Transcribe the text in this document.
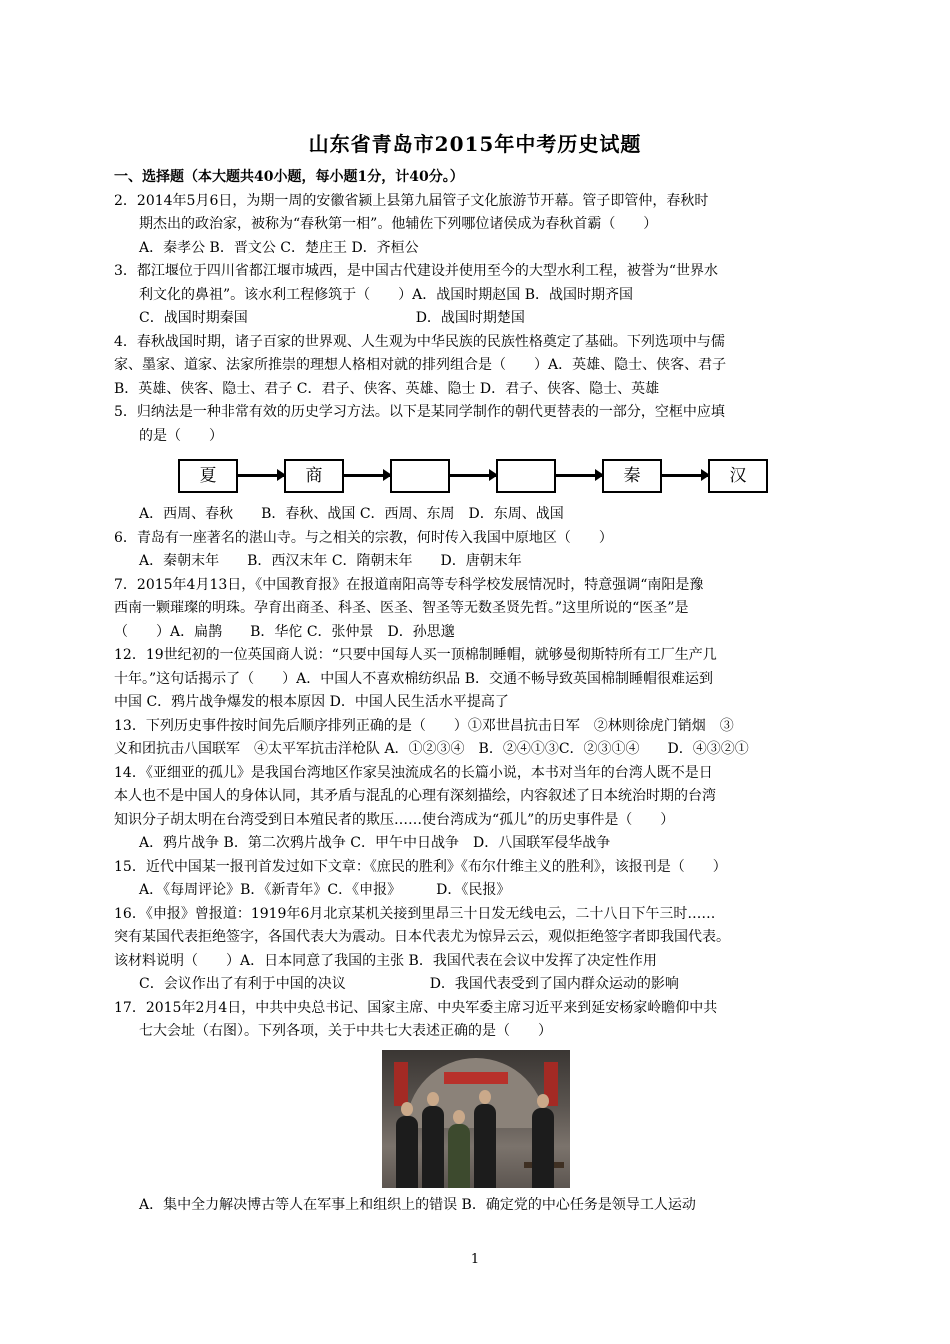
山东省青岛市2015年中考历史试题
一、选择题（本大题共40小题，每小题1分，计40分。）
2．2014年5月6日，为期一周的安徽省颍上县第九届管子文化旅游节开幕。管子即管仲，春秋时
期杰出的政治家，被称为“春秋第一相”。他辅佐下列哪位诸侯成为春秋首霸（　　）
A．秦孝公 B．晋文公 C．楚庄王 D．齐桓公
3．都江堰位于四川省都江堰市城西，是中国古代建设并使用至今的大型水利工程，被誉为“世界水
利文化的鼻祖”。该水利工程修筑于（　　）A．战国时期赵国 B．战国时期齐国
C．战国时期秦国　　　　　　　　　　　　D．战国时期楚国
4．春秋战国时期，诸子百家的世界观、人生观为中华民族的民族性格奠定了基础。下列选项中与儒
家、墨家、道家、法家所推崇的理想人格相对就的排列组合是（　　）A．英雄、隐士、侠客、君子
B．英雄、侠客、隐士、君子 C．君子、侠客、英雄、隐士 D．君子、侠客、隐士、英雄
5．归纳法是一种非常有效的历史学习方法。以下是某同学制作的朝代更替表的一部分，空框中应填
的是（　　）
夏	商	秦	汉
A．西周、春秋　　B．春秋、战国 C．西周、东周　D．东周、战国
6．青岛有一座著名的湛山寺。与之相关的宗教，何时传入我国中原地区（　　）
A．秦朝末年　　B．西汉末年 C．隋朝末年　　D．唐朝末年
7．2015年4月13日，《中国教育报》在报道南阳高等专科学校发展情况时，特意强调“南阳是豫
西南一颗璀璨的明珠。孕育出商圣、科圣、医圣、智圣等无数圣贤先哲。”这里所说的“医圣”是
（　　）A．扁鹊　　B．华佗 C．张仲景　D．孙思邈
12．19世纪初的一位英国商人说：“只要中国每人买一顶棉制睡帽，就够曼彻斯特所有工厂生产几
十年。”这句话揭示了（　　）A．中国人不喜欢棉纺织品 B．交通不畅导致英国棉制睡帽很难运到
中国 C．鸦片战争爆发的根本原因 D．中国人民生活水平提高了
13．下列历史事件按时间先后顺序排列正确的是（　　）①邓世昌抗击日军　②林则徐虎门销烟　③
义和团抗击八国联军　④太平军抗击洋枪队 A．①②③④　B．②④①③C．②③①④　　D．④③②①
14．《亚细亚的孤儿》是我国台湾地区作家吴浊流成名的长篇小说，本书对当年的台湾人既不是日
本人也不是中国人的身体认同，其矛盾与混乱的心理有深刻描绘，内容叙述了日本统治时期的台湾
知识分子胡太明在台湾受到日本殖民者的欺压……使台湾成为“孤儿”的历史事件是（　　）
A．鸦片战争 B．第二次鸦片战争 C．甲午中日战争　D．八国联军侵华战争
15．近代中国某一报刊首发过如下文章：《庶民的胜利》《布尔什维主义的胜利》，该报刊是（　　）
A．《每周评论》B．《新青年》C．《申报》　　　D．《民报》
16．《申报》曾报道：1919年6月北京某机关接到里昂三十日发无线电云，二十八日下午三时……
突有某国代表拒绝签字，各国代表大为震动。日本代表尤为惊异云云，观似拒绝签字者即我国代表。
该材料说明（　　）A．日本同意了我国的主张 B．我国代表在会议中发挥了决定性作用
C．会议作出了有利于中国的决议　　　　　　D．我国代表受到了国内群众运动的影响
17．2015年2月4日，中共中央总书记、国家主席、中央军委主席习近平来到延安杨家岭瞻仰中共
七大会址（右图）。下列各项，关于中共七大表述正确的是（　　）
A．集中全力解决博古等人在军事上和组织上的错误 B．确定党的中心任务是领导工人运动
1
